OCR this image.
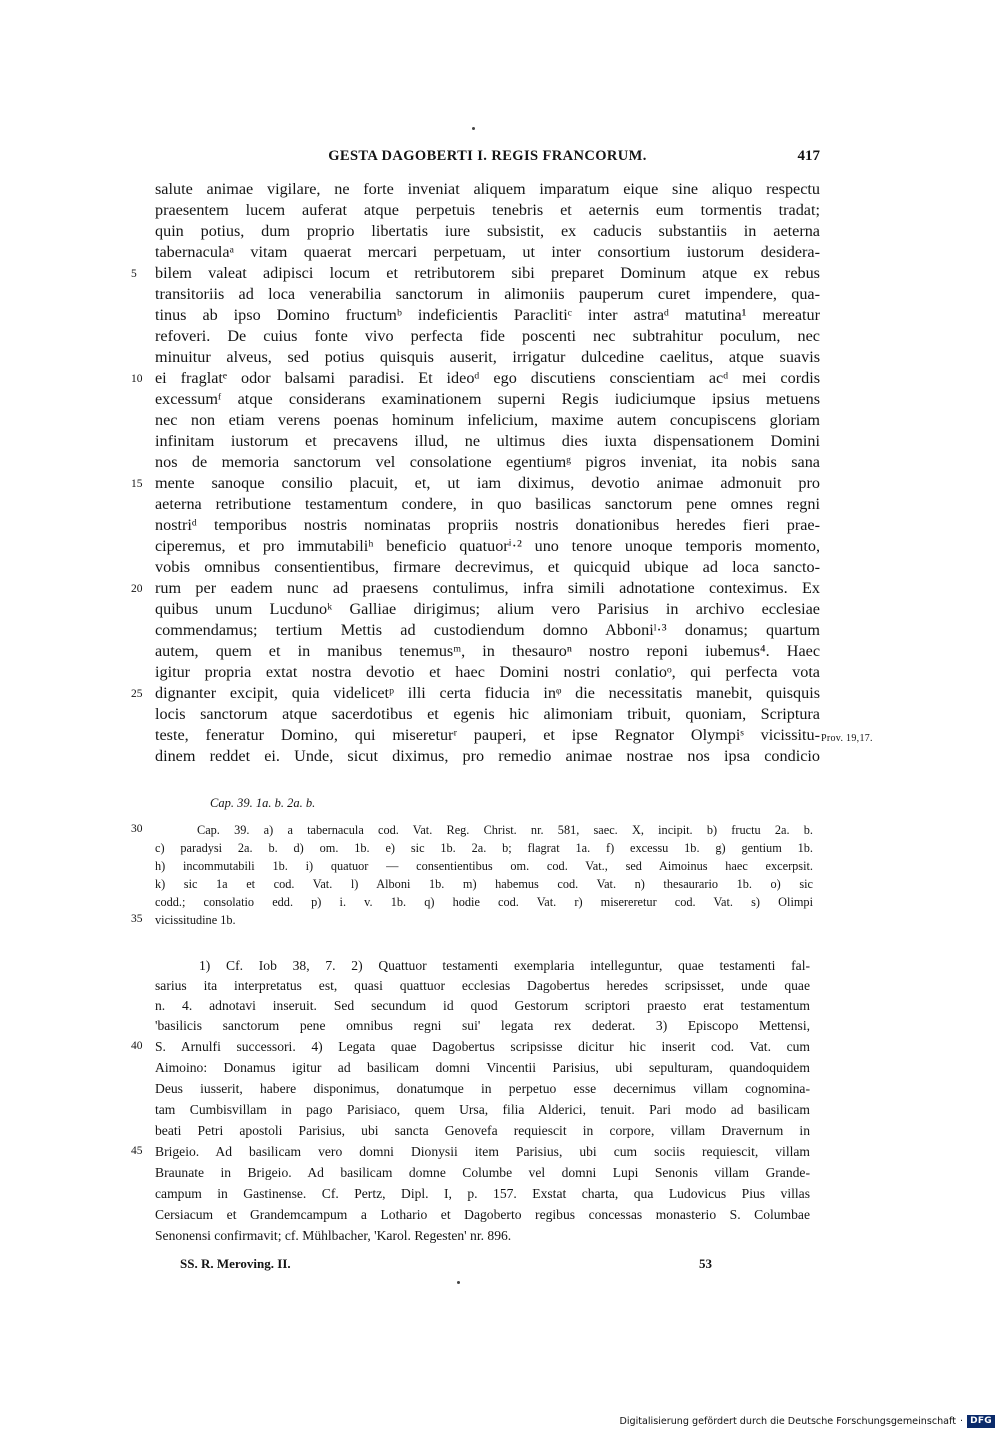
GESTA DAGOBERTI I. REGIS FRANCORUM.	417
salute animae vigilare, ne forte inveniat aliquem imparatum eique sine aliquo respectu
praesentem lucem auferat atque perpetuis tenebris et aeternis eum tormentis tradat;
quin potius, dum proprio libertatis iure subsistit, ex caducis substantiis in aeterna
tabernaculaᵃ vitam quaerat mercari perpetuam, ut inter consortium iustorum desidera-
bilem valeat adipisci locum et retributorem sibi preparet Dominum atque ex rebus
transitoriis ad loca venerabilia sanctorum in alimoniis pauperum curet impendere, qua-
tinus ab ipso Domino fructumᵇ indeficientis Paraclitiᶜ inter astraᵈ matutina¹ mereatur
refoveri. De cuius fonte vivo perfecta fide poscenti nec subtrahitur poculum, nec
minuitur alveus, sed potius quisquis auserit, irrigatur dulcedine caelitus, atque suavis
ei fraglatᵉ odor balsami paradisi. Et ideoᵈ ego discutiens conscientiam acᵈ mei cordis
excessumᶠ atque considerans examinationem superni Regis iudiciumque ipsius metuens
nec non etiam verens poenas hominum infelicium, maxime autem concupiscens gloriam
infinitam iustorum et precavens illud, ne ultimus dies iuxta dispensationem Domini
nos de memoria sanctorum vel consolatione egentiumᵍ pigros inveniat, ita nobis sana
mente sanoque consilio placuit, et, ut iam diximus, devotio animae admonuit pro
aeterna retributione testamentum condere, in quo basilicas sanctorum pene omnes regni
nostriᵈ temporibus nostris nominatas propriis nostris donationibus heredes fieri prae-
ciperemus, et pro immutabiliʰ beneficio quatuorⁱ·² uno tenore unoque temporis momento,
vobis omnibus consentientibus, firmare decrevimus, et quicquid ubique ad loca sancto-
rum per eadem nunc ad praesens contulimus, infra simili adnotatione conteximus. Ex
quibus unum Lucdunoᵏ Galliae dirigimus; alium vero Parisius in archivo ecclesiae
commendamus; tertium Mettis ad custodiendum domno Abboniˡ·³ donamus; quartum
autem, quem et in manibus tenemusᵐ, in thesauroⁿ nostro reponi iubemus⁴. Haec
igitur propria extat nostra devotio et haec Domini nostri conlatioᵒ, qui perfecta vota
dignanter excipit, quia videlicetᵖ illi certa fiducia inᵠ die necessitatis manebit, quisquis
locis sanctorum atque sacerdotibus et egenis hic alimoniam tribuit, quoniam, Scriptura
teste, feneratur Domino, qui misereturʳ pauperi, et ipse Regnator Olympiˢ vicissitu-
dinem reddet ei. Unde, sicut diximus, pro remedio animae nostrae nos ipsa condicio
5
10
15
20
25
Prov. 19,17.
Cap. 39. 1a. b. 2a. b.
Cap. 39. a) a tabernacula cod. Vat. Reg. Christ. nr. 581, saec. X, incipit. b) fructu 2a. b.
c) paradysi 2a. b. d) om. 1b. e) sic 1b. 2a. b; flagrat 1a. f) excessu 1b. g) gentium 1b.
h) incommutabili 1b. i) quatuor — consentientibus om. cod. Vat., sed Aimoinus haec excerpsit.
k) sic 1a et cod. Vat. l) Alboni 1b. m) habemus cod. Vat. n) thesaurario 1b. o) sic
codd.; consolatio edd. p) i. v. 1b. q) hodie cod. Vat. r) misereretur cod. Vat. s) Olimpi
vicissitudine 1b.
30
35
1) Cf. Iob 38, 7. 2) Quattuor testamenti exemplaria intelleguntur, quae testamenti fal-
sarius ita interpretatus est, quasi quattuor ecclesias Dagobertus heredes scripsisset, unde quae
n. 4. adnotavi inseruit. Sed secundum id quod Gestorum scriptori praesto erat testamentum
'basilicis sanctorum pene omnibus regni sui' legata rex dederat. 3) Episcopo Mettensi,
S. Arnulfi successori. 4) Legata quae Dagobertus scripsisse dicitur hic inserit cod. Vat. cum
Aimoino: Donamus igitur ad basilicam domni Vincentii Parisius, ubi sepulturam, quandoquidem
Deus iusserit, habere disponimus, donatumque in perpetuo esse decernimus villam cognomina-
tam Cumbisvillam in pago Parisiaco, quem Ursa, filia Alderici, tenuit. Pari modo ad basilicam
beati Petri apostoli Parisius, ubi sancta Genovefa requiescit in corpore, villam Dravernum in
Brigeio. Ad basilicam vero domni Dionysii item Parisius, ubi cum sociis requiescit, villam
Braunate in Brigeio. Ad basilicam domne Columbe vel domni Lupi Senonis villam Grande-
campum in Gastinense. Cf. Pertz, Dipl. I, p. 157. Exstat charta, qua Ludovicus Pius villas
Cersiacum et Grandemcampum a Lothario et Dagoberto regibus concessas monasterio S. Columbae
Senonensi confirmavit; cf. Mühlbacher, 'Karol. Regesten' nr. 896.
40
45
SS. R. Meroving. II.	53
Digitalisierung gefördert durch die Deutsche Forschungsgemeinschaft · DFG
